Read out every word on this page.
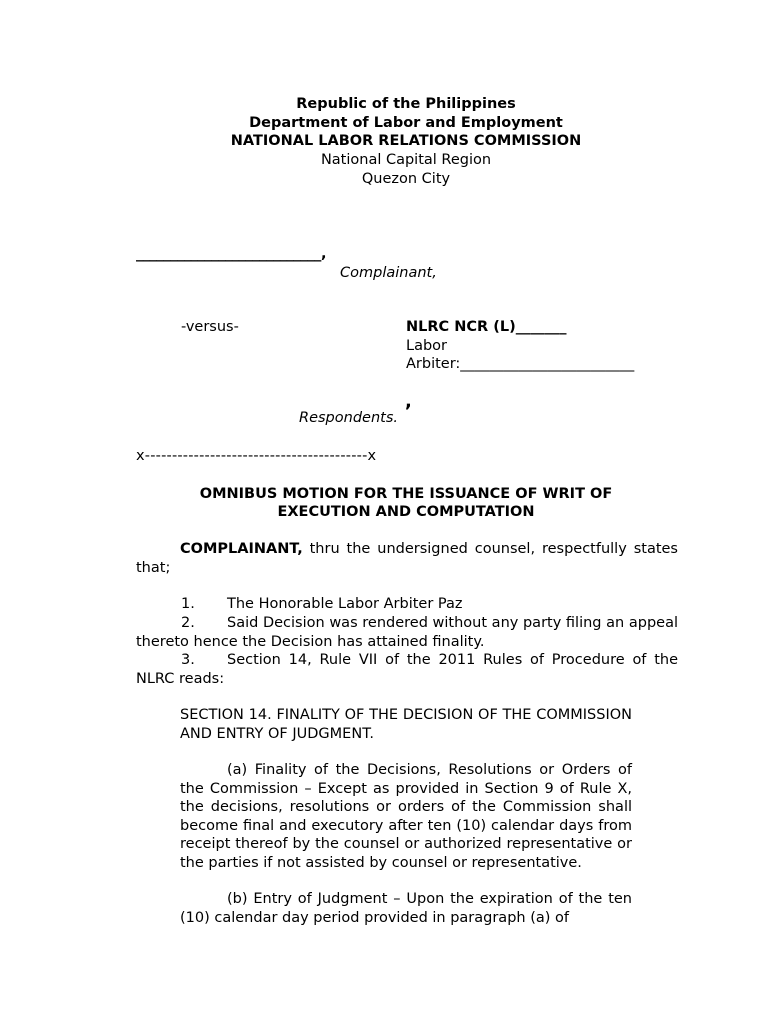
Republic of the Philippines
Department of Labor and Employment
NATIONAL LABOR RELATIONS COMMISSION
National Capital Region
Quezon City
___________________________,
Complainant,
-versus-	NLRC NCR (L)_______
Labor
Arbiter:________________________
,
Respondents.
x-----------------------------------------x
OMNIBUS MOTION FOR THE ISSUANCE OF WRIT OF
EXECUTION AND COMPUTATION
COMPLAINANT, thru the undersigned counsel, respectfully states that;
1. The Honorable Labor Arbiter Paz
2. Said Decision was rendered without any party filing an appeal thereto hence the Decision has attained finality.
3. Section 14, Rule VII of the 2011 Rules of Procedure of the NLRC reads:
SECTION 14. FINALITY OF THE DECISION OF THE COMMISSION AND ENTRY OF JUDGMENT.
(a) Finality of the Decisions, Resolutions or Orders of the Commission – Except as provided in Section 9 of Rule X, the decisions, resolutions or orders of the Commission shall become final and executory after ten (10) calendar days from receipt thereof by the counsel or authorized representative or the parties if not assisted by counsel or representative.
(b) Entry of Judgment – Upon the expiration of the ten (10) calendar day period provided in paragraph (a) of
